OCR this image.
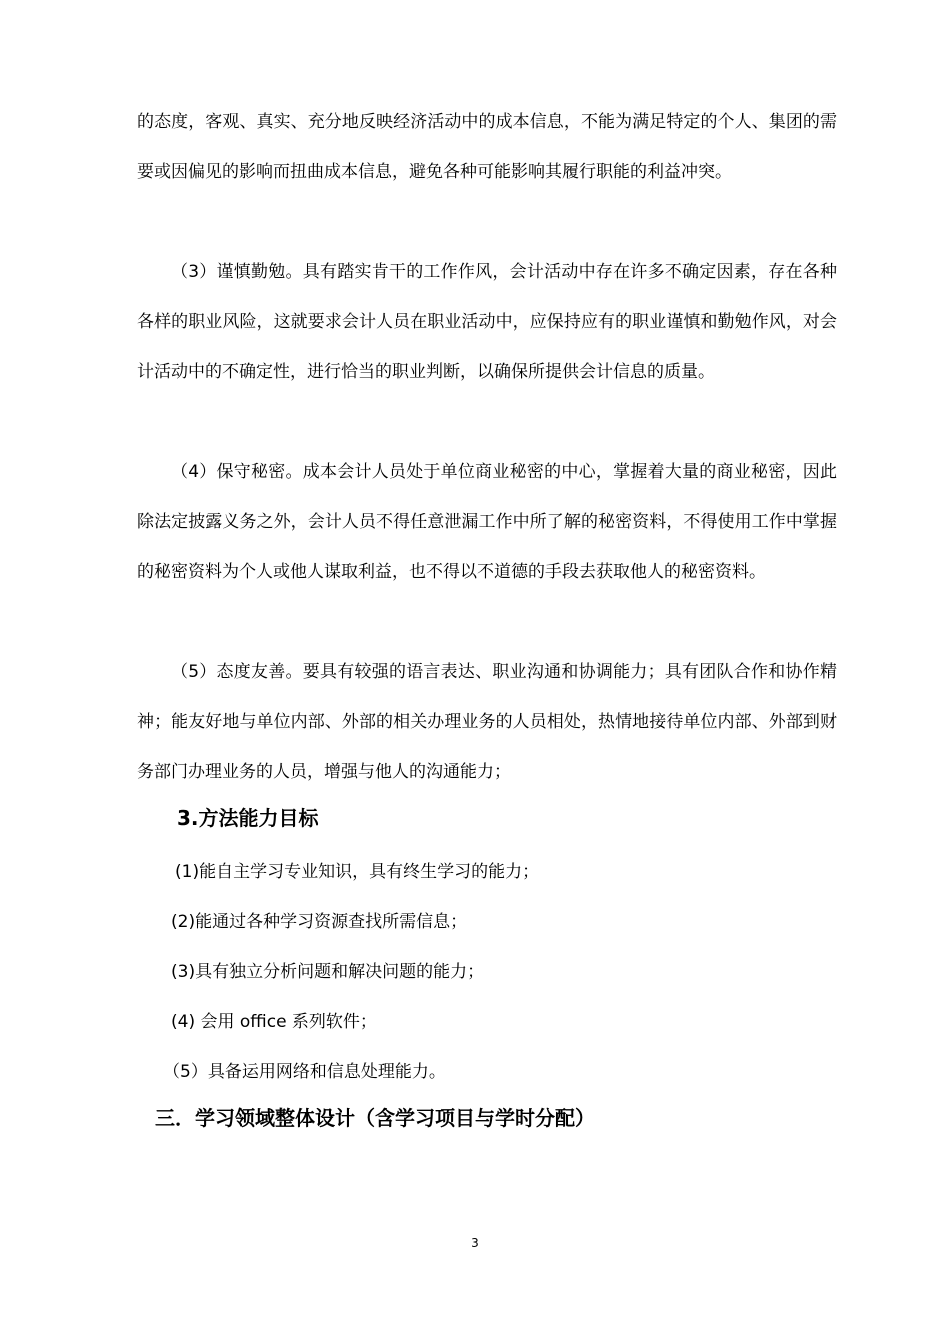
的态度，客观、真实、充分地反映经济活动中的成本信息，不能为满足特定的个人、集团的需要或因偏见的影响而扭曲成本信息，避免各种可能影响其履行职能的利益冲突。

（3）谨慎勤勉。具有踏实肯干的工作作风，会计活动中存在许多不确定因素，存在各种各样的职业风险，这就要求会计人员在职业活动中，应保持应有的职业谨慎和勤勉作风，对会计活动中的不确定性，进行恰当的职业判断，以确保所提供会计信息的质量。

（4）保守秘密。成本会计人员处于单位商业秘密的中心，掌握着大量的商业秘密，因此除法定披露义务之外，会计人员不得任意泄漏工作中所了解的秘密资料，不得使用工作中掌握的秘密资料为个人或他人谋取利益，也不得以不道德的手段去获取他人的秘密资料。

（5）态度友善。要具有较强的语言表达、职业沟通和协调能力；具有团队合作和协作精神；能友好地与单位内部、外部的相关办理业务的人员相处，热情地接待单位内部、外部到财务部门办理业务的人员，增强与他人的沟通能力；

3.方法能力目标

(1)能自主学习专业知识，具有终生学习的能力；

(2)能通过各种学习资源查找所需信息；

(3)具有独立分析问题和解决问题的能力；

(4) 会用 office 系列软件；

（5）具备运用网络和信息处理能力。

三．学习领域整体设计（含学习项目与学时分配）
3
